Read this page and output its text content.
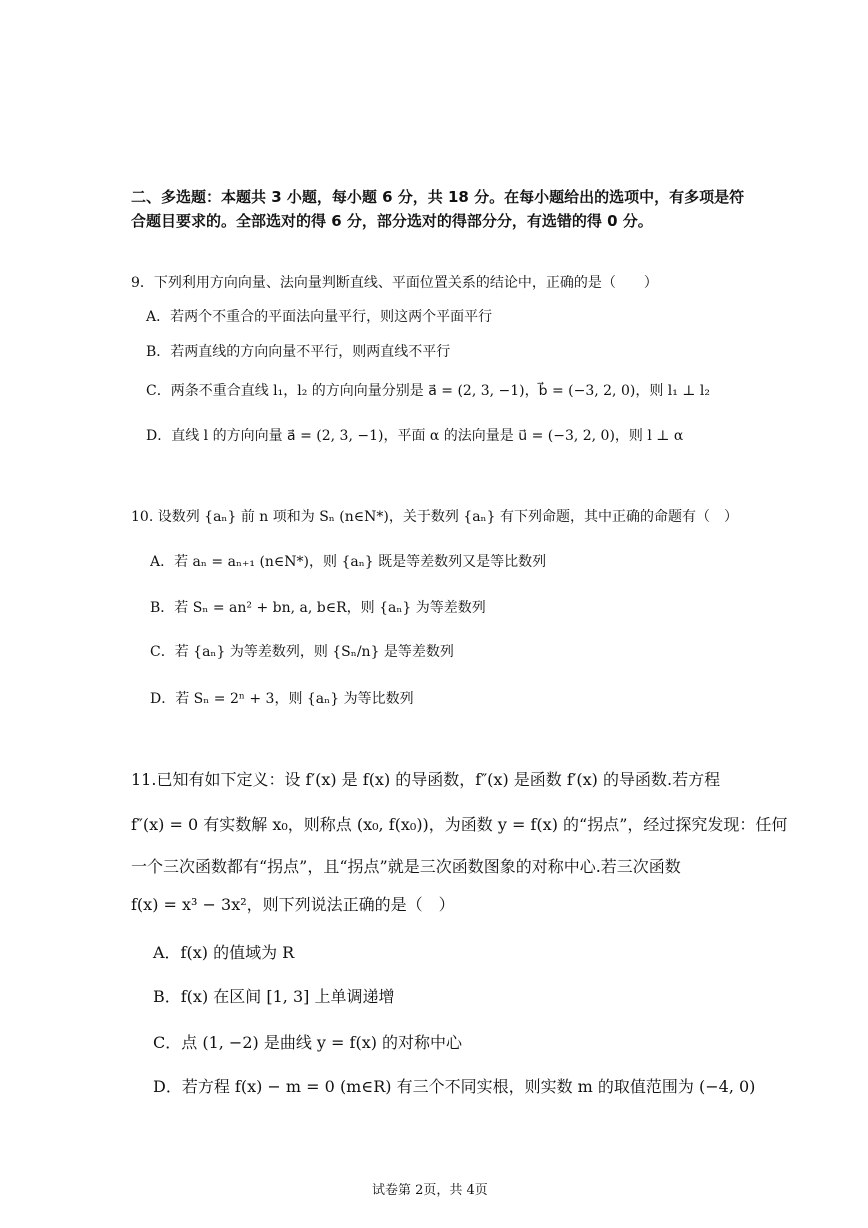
二、多选题：本题共 3 小题，每小题 6 分，共 18 分。在每小题给出的选项中，有多项是符
合题目要求的。全部选对的得 6 分，部分选对的得部分分，有选错的得 0 分。
9．下列利用方向向量、法向量判断直线、平面位置关系的结论中，正确的是（　　）
A．若两个不重合的平面法向量平行，则这两个平面平行
B．若两直线的方向向量不平行，则两直线不平行
C．两条不重合直线 l₁，l₂ 的方向向量分别是 a⃗ = (2, 3, −1)，b⃗ = (−3, 2, 0)，则 l₁ ⊥ l₂
D．直线 l 的方向向量 a⃗ = (2, 3, −1)，平面 α 的法向量是 u⃗ = (−3, 2, 0)，则 l ⊥ α
10. 设数列 {aₙ} 前 n 项和为 Sₙ (n∈N*)，关于数列 {aₙ} 有下列命题，其中正确的命题有（　）
A．若 aₙ = aₙ₊₁ (n∈N*)，则 {aₙ} 既是等差数列又是等比数列
B．若 Sₙ = an² + bn, a, b∈R，则 {aₙ} 为等差数列
C．若 {aₙ} 为等差数列，则 {Sₙ/n} 是等差数列
D．若 Sₙ = 2ⁿ + 3，则 {aₙ} 为等比数列
11.已知有如下定义：设 f′(x) 是 f(x) 的导函数，f″(x) 是函数 f′(x) 的导函数.若方程
f″(x) = 0 有实数解 x₀，则称点 (x₀, f(x₀))，为函数 y = f(x) 的“拐点”，经过探究发现：任何
一个三次函数都有“拐点”，且“拐点”就是三次函数图象的对称中心.若三次函数
f(x) = x³ − 3x²，则下列说法正确的是（　）
A．f(x) 的值域为 R
B．f(x) 在区间 [1, 3] 上单调递增
C．点 (1, −2) 是曲线 y = f(x) 的对称中心
D．若方程 f(x) − m = 0 (m∈R) 有三个不同实根，则实数 m 的取值范围为 (−4, 0)
试卷第 2页，共 4页
